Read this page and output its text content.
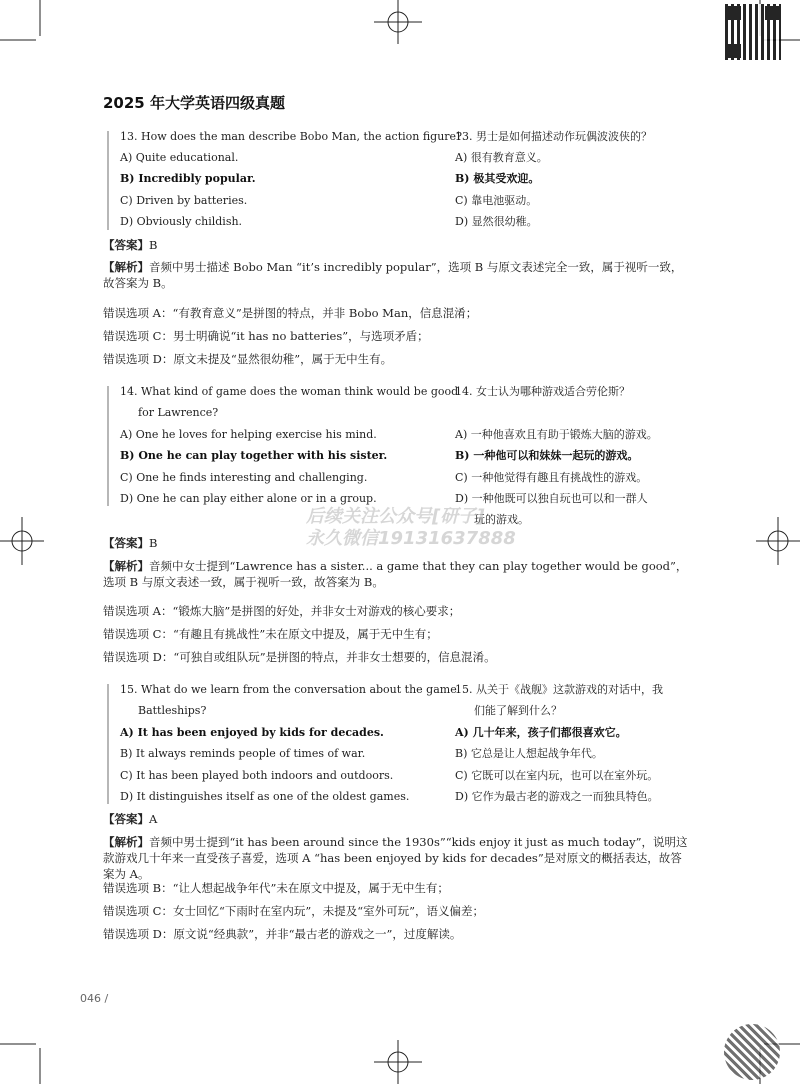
2025 年大学英语四级真题
13. How does the man describe Bobo Man, the action figure?
13. 男士是如何描述动作玩偶波波侠的？
A) Quite educational.	A) 很有教育意义。
B) Incredibly popular.	B) 极其受欢迎。
C) Driven by batteries.	C) 靠电池驱动。
D) Obviously childish.	D) 显然很幼稚。
【答案】B
【解析】音频中男士描述 Bobo Man “it’s incredibly popular”，选项 B 与原文表述完全一致，属于视听一致，故答案为 B。
错误选项 A：“有教育意义”是拼图的特点，并非 Bobo Man，信息混淆；
错误选项 C：男士明确说“it has no batteries”，与选项矛盾；
错误选项 D：原文未提及“显然很幼稚”，属于无中生有。
14. What kind of game does the woman think would be good
for Lawrence?
14. 女士认为哪种游戏适合劳伦斯？
A) One he loves for helping exercise his mind.	A) 一种他喜欢且有助于锻炼大脑的游戏。
B) One he can play together with his sister.	B) 一种他可以和妹妹一起玩的游戏。
C) One he finds interesting and challenging.	C) 一种他觉得有趣且有挑战性的游戏。
D) One he can play either alone or in a group.	D) 一种他既可以独自玩也可以和一群人
玩的游戏。
后续关注公众号[研子]
永久微信19131637888
【答案】B
【解析】音频中女士提到“Lawrence has a sister... a game that they can play together would be good”，选项 B 与原文表述一致，属于视听一致，故答案为 B。
错误选项 A：“锻炼大脑”是拼图的好处，并非女士对游戏的核心要求；
错误选项 C：“有趣且有挑战性”未在原文中提及，属于无中生有；
错误选项 D：“可独自或组队玩”是拼图的特点，并非女士想要的，信息混淆。
15. What do we learn from the conversation about the game
Battleships?
15. 从关于《战舰》这款游戏的对话中，我
们能了解到什么？
A) It has been enjoyed by kids for decades.	A) 几十年来，孩子们都很喜欢它。
B) It always reminds people of times of war.	B) 它总是让人想起战争年代。
C) It has been played both indoors and outdoors.	C) 它既可以在室内玩，也可以在室外玩。
D) It distinguishes itself as one of the oldest games.	D) 它作为最古老的游戏之一而独具特色。
【答案】A
【解析】音频中男士提到“it has been around since the 1930s”“kids enjoy it just as much today”，说明这款游戏几十年来一直受孩子喜爱，选项 A “has been enjoyed by kids for decades”是对原文的概括表达，故答案为 A。
错误选项 B：“让人想起战争年代”未在原文中提及，属于无中生有；
错误选项 C：女士回忆“下雨时在室内玩”，未提及“室外可玩”，语义偏差；
错误选项 D：原文说“经典款”，并非“最古老的游戏之一”，过度解读。
046 /
